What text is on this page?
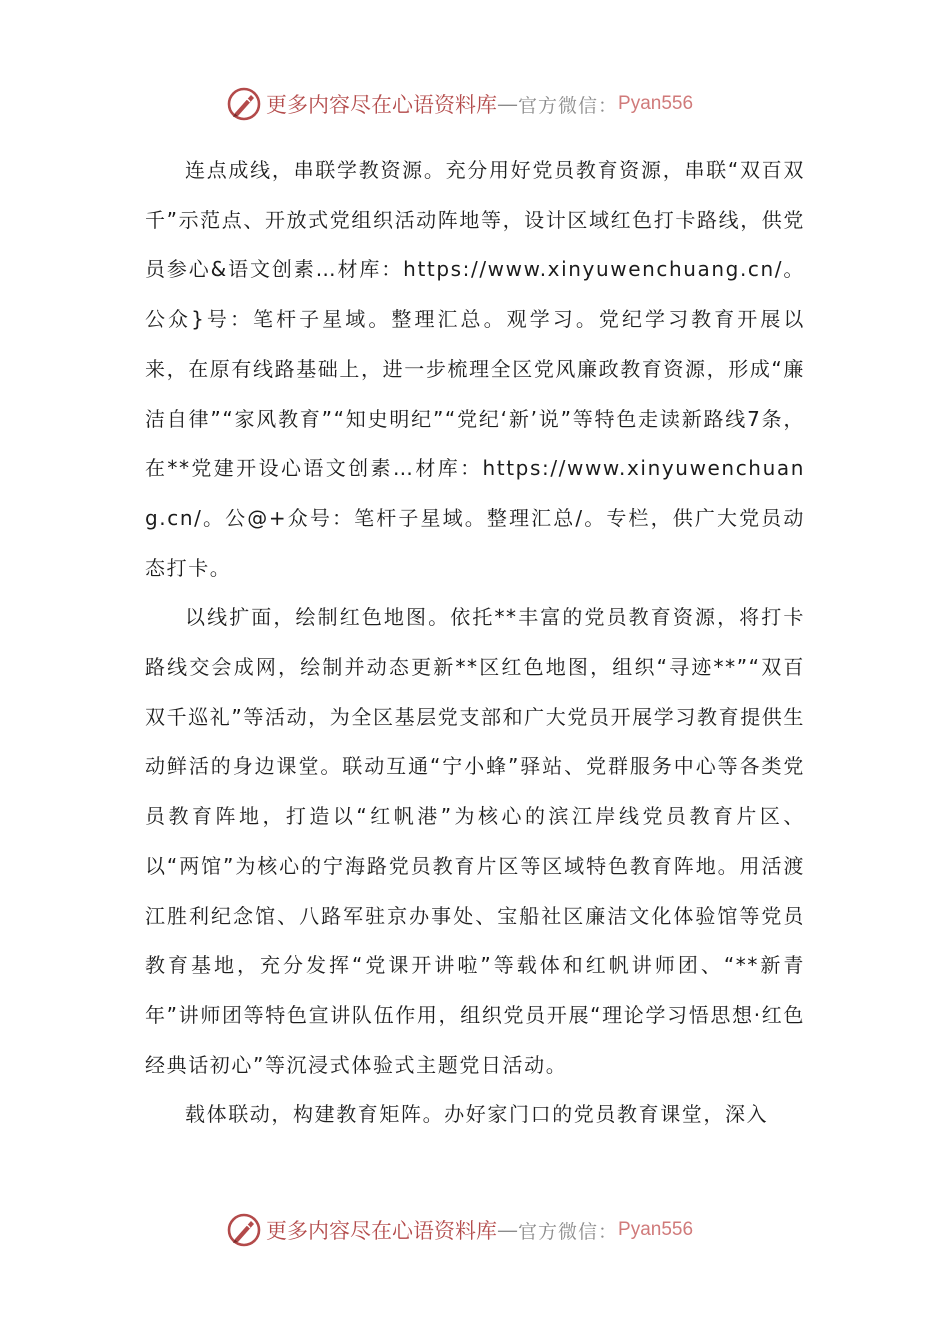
更多内容尽在心语资料库 — 官方微信： Pyan556

连点成线，串联学教资源。充分用好党员教育资源，串联“双百双千”示范点、开放式党组织活动阵地等，设计区域红色打卡路线，供党员参心&语文创素…材库：https://www.xinyuwenchuang.cn/。公众}号：笔杆子星域。整理汇总。观学习。党纪学习教育开展以来，在原有线路基础上，进一步梳理全区党风廉政教育资源，形成“廉洁自律”“家风教育”“知史明纪”“党纪‘新’说”等特色走读新路线7条，在**党建开设心语文创素…材库：https://www.xinyuwenchuang.cn/。公@+众号：笔杆子星域。整理汇总/。专栏，供广大党员动态打卡。

以线扩面，绘制红色地图。依托**丰富的党员教育资源，将打卡路线交会成网，绘制并动态更新**区红色地图，组织“寻迹**”“双百双千巡礼”等活动，为全区基层党支部和广大党员开展学习教育提供生动鲜活的身边课堂。联动互通“宁小蜂”驿站、党群服务中心等各类党员教育阵地，打造以“红帆港”为核心的滨江岸线党员教育片区、以“两馆”为核心的宁海路党员教育片区等区域特色教育阵地。用活渡江胜利纪念馆、八路军驻京办事处、宝船社区廉洁文化体验馆等党员教育基地，充分发挥“党课开讲啦”等载体和红帆讲师团、“**新青年”讲师团等特色宣讲队伍作用，组织党员开展“理论学习悟思想·红色经典话初心”等沉浸式体验式主题党日活动。

载体联动，构建教育矩阵。办好家门口的党员教育课堂，深入

更多内容尽在心语资料库 — 官方微信： Pyan556
